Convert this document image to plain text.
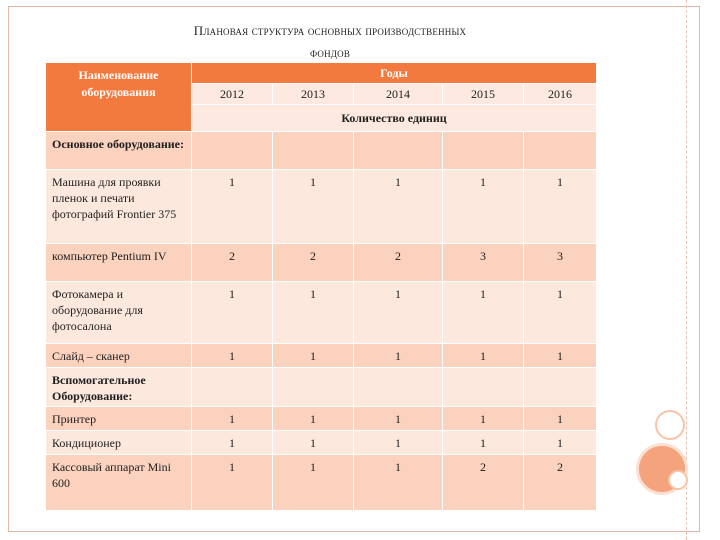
Плановая структура основных производственных
фондов
Наименование оборудования	Годы				
	2012	2013	2014	2015	2016
	Количество единиц				
Основное оборудование:					
Машина для проявки пленок и печати фотографий Frontier 375	1	1	1	1	1
компьютер Pentium IV	2	2	2	3	3
Фотокамера и оборудование для фотосалона	1	1	1	1	1
Слайд – сканер	1	1	1	1	1
Вспомогательное Оборудование:					
Принтер	1	1	1	1	1
Кондиционер	1	1	1	1	1
Кассовый аппарат Mini 600	1	1	1	2	2
